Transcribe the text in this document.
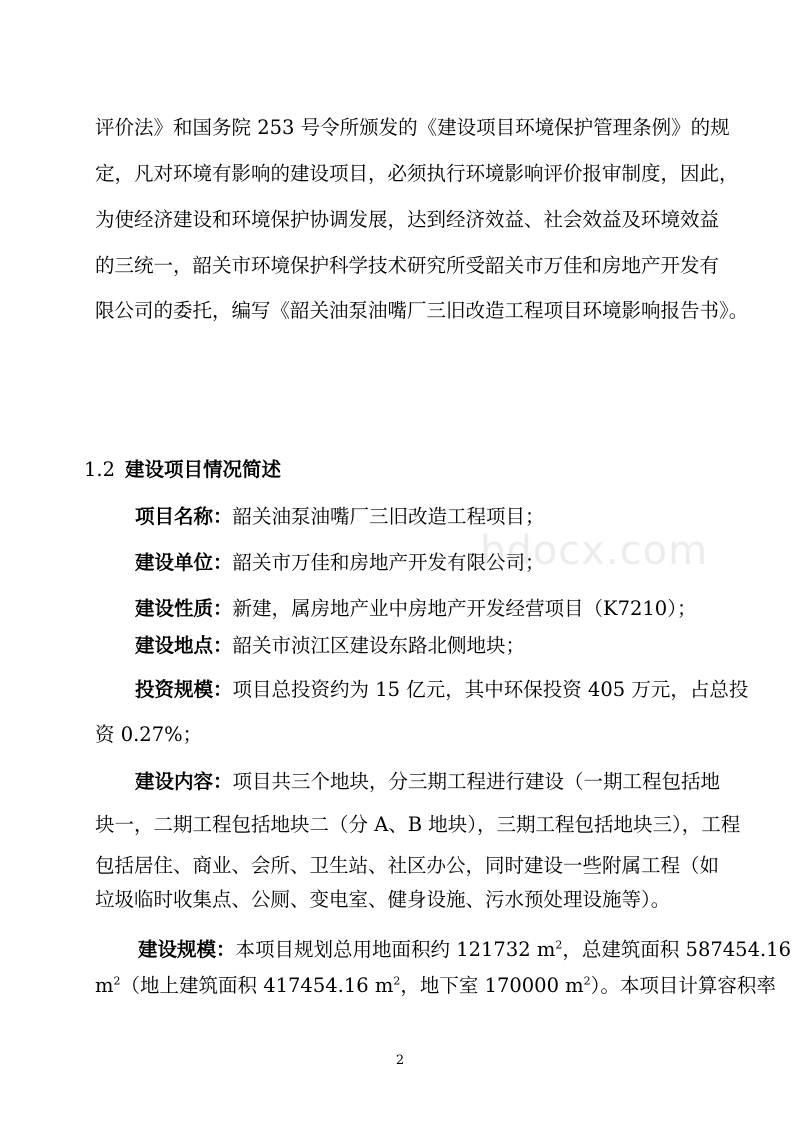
bdocx.com
评价法》和国务院 253 号令所颁发的《建设项目环境保护管理条例》的规
定，凡对环境有影响的建设项目，必须执行环境影响评价报审制度，因此，
为使经济建设和环境保护协调发展，达到经济效益、社会效益及环境效益
的三统一，韶关市环境保护科学技术研究所受韶关市万佳和房地产开发有
限公司的委托，编写《韶关油泵油嘴厂三旧改造工程项目环境影响报告书》。
1.2 建设项目情况简述
项目名称：韶关油泵油嘴厂三旧改造工程项目；
建设单位：韶关市万佳和房地产开发有限公司；
建设性质：新建，属房地产业中房地产开发经营项目（K7210）；
建设地点：韶关市浈江区建设东路北侧地块；
投资规模：项目总投资约为 15 亿元，其中环保投资 405 万元，占总投
资 0.27%；
建设内容：项目共三个地块，分三期工程进行建设（一期工程包括地
块一，二期工程包括地块二（分 A、B 地块），三期工程包括地块三），工程
包括居住、商业、会所、卫生站、社区办公，同时建设一些附属工程（如
垃圾临时收集点、公厕、变电室、健身设施、污水预处理设施等）。
建设规模：本项目规划总用地面积约 121732 $m^2$，总建筑面积 587454.16
$m^2$（地上建筑面积 417454.16 $m^2$，地下室 170000 $m^2$）。本项目计算容积率
2
